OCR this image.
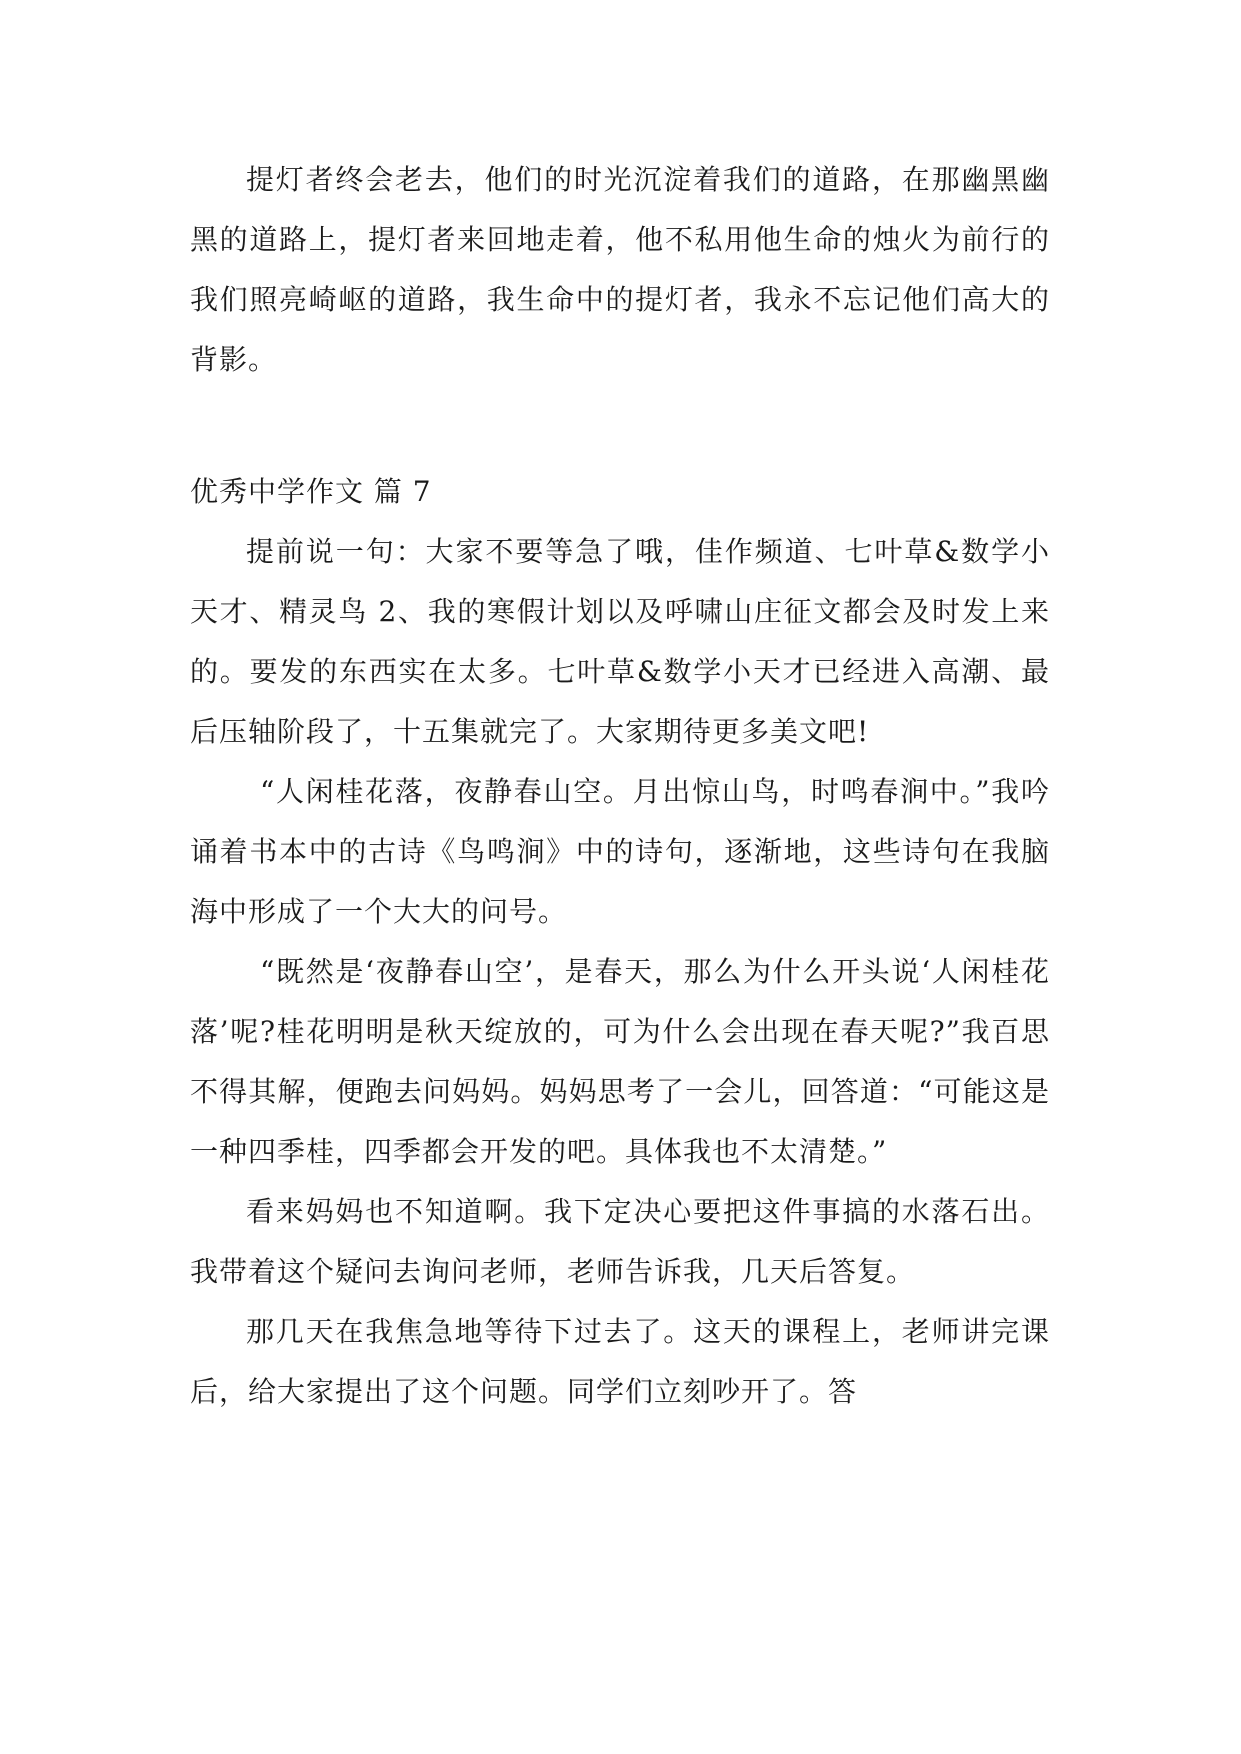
提灯者终会老去，他们的时光沉淀着我们的道路，在那幽黑幽黑的道路上，提灯者来回地走着，他不私用他生命的烛火为前行的我们照亮崎岖的道路，我生命中的提灯者，我永不忘记他们高大的背影。

优秀中学作文 篇 7

提前说一句：大家不要等急了哦，佳作频道、七叶草&数学小天才、精灵鸟 2、我的寒假计划以及呼啸山庄征文都会及时发上来的。要发的东西实在太多。七叶草&数学小天才已经进入高潮、最后压轴阶段了，十五集就完了。大家期待更多美文吧!

“人闲桂花落，夜静春山空。月出惊山鸟，时鸣春涧中。”我吟诵着书本中的古诗《鸟鸣涧》中的诗句，逐渐地，这些诗句在我脑海中形成了一个大大的问号。

“既然是‘夜静春山空’，是春天，那么为什么开头说‘人闲桂花落’呢?桂花明明是秋天绽放的，可为什么会出现在春天呢?”我百思不得其解，便跑去问妈妈。妈妈思考了一会儿，回答道：“可能这是一种四季桂，四季都会开发的吧。具体我也不太清楚。”

看来妈妈也不知道啊。我下定决心要把这件事搞的水落石出。我带着这个疑问去询问老师，老师告诉我，几天后答复。

那几天在我焦急地等待下过去了。这天的课程上，老师讲完课后，给大家提出了这个问题。同学们立刻吵开了。答
